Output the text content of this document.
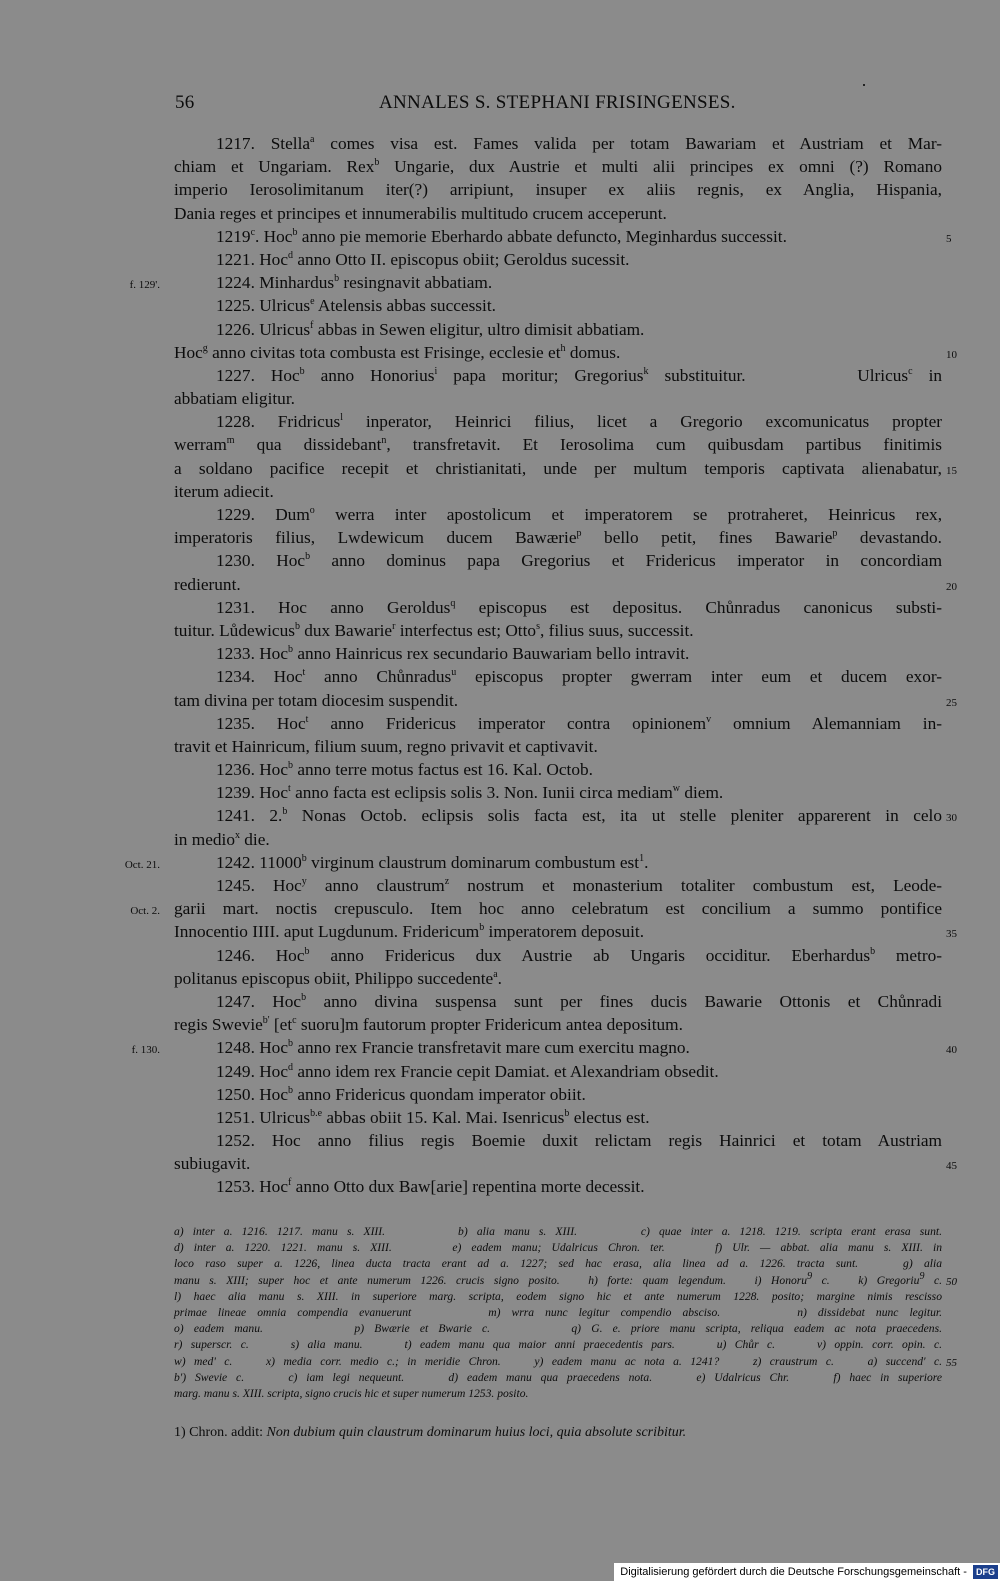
56	ANNALES S. STEPHANI FRISINGENSES.
1217. Stella$^a$ comes visa est. Fames valida per totam Bawariam et Austriam et Mar-
chiam et Ungariam. Rex$^b$ Ungarie, dux Austrie et multi alii principes ex omni (?) Romano
imperio Ierosolimitanum iter(?) arripiunt, insuper ex aliis regnis, ex Anglia, Hispania,
Dania reges et principes et innumerabilis multitudo crucem acceperunt.
1219$^c$. Hoc$^b$ anno pie memorie Eberhardo abbate defuncto, Meginhardus successit.	5
1221. Hoc$^d$ anno Otto II. episcopus obiit; Geroldus sucessit.
1224. Minhardus$^b$ resingnavit abbatiam.
f. 129'.
1225. Ulricus$^e$ Atelensis abbas successit.
1226. Ulricus$^f$ abbas in Sewen eligitur, ultro dimisit abbatiam.
Hoc$^g$ anno civitas tota combusta est Frisinge, ecclesie $et^h$ domus.	10
1227. Hoc$^b$ anno Honorius$^i$ papa moritur; Gregorius$^k$ substituitur.       Ulricus$^c$ in
abbatiam eligitur.
1228. Fridricus$^l$ inperator, Heinrici filius, licet a Gregorio excomunicatus propter
werram$^m$ qua dissidebant$^n$, transfretavit. Et Ierosolima cum quibusdam partibus finitimis
a soldano pacifice recepit et christianitati, unde per multum temporis captivata alienabatur, 15
iterum adiecit.
1229. Dum$^o$ werra inter apostolicum et imperatorem se protraheret, Heinricus rex,
imperatoris filius, Lwdewicum ducem Bawærie$^p$ bello petit, fines Bawarie$^p$ devastando.
1230. Hoc$^b$ anno dominus papa Gregorius et Fridericus imperator in concordiam
redierunt.	20
1231. Hoc anno Geroldus$^q$ episcopus est depositus. Chůnradus canonicus substi-
tuitur. Lůdewicus$^b$ dux Bawarie$^r$ interfectus est; Otto$^s$, filius suus, successit.
1233. Hoc$^b$ anno Hainricus rex secundario Bauwariam bello intravit.
1234. Hoc$^t$ anno Chůnradus$^u$ episcopus propter gwerram inter eum et ducem exor-
tam divina per totam diocesim suspendit.	25
1235. Hoc$^t$ anno Fridericus imperator contra opinionem$^v$ omnium Alemanniam in-
travit et Hainricum, filium suum, regno privavit et captivavit.
1236. Hoc$^b$ anno terre motus factus est 16. Kal. Octob.
1239. Hoc$^t$ anno facta est eclipsis solis 3. Non. Iunii circa mediam$^w$ diem.
1241. 2.$^b$ Nonas Octob. eclipsis solis facta est, ita ut stelle pleniter apparerent in celo 30
in medio$^x$ die.
1242. 11000$^b$ virginum claustrum dominarum combustum est$^1$.
Oct. 21.
1245. Hoc$^y$ anno claustrum$^z$ nostrum et monasterium totaliter combustum est, Leode-
garii mart. noctis crepusculo. Item hoc anno celebratum est concilium a summo pontifice
Oct. 2.
Innocentio IIII. aput Lugdunum. Fridericum$^b$ imperatorem deposuit.	35
1246. Hoc$^b$ anno Fridericus dux Austrie ab Ungaris occiditur. Eberhardus$^b$ metro-
politanus episcopus obiit, Philippo succedente$^a$.
1247. Hoc$^b$ anno divina suspensa sunt per fines ducis Bawarie Ottonis et Chůnradi
regis Swevie$^{b'}$ [$et^c$ suoru]m fautorum propter Fridericum antea depositum.
1248. Hoc$^b$ anno rex Francie transfretavit mare cum exercitu magno.	40
f. 130.
1249. Hoc$^d$ anno idem rex Francie cepit Damiat. et Alexandriam obsedit.
1250. Hoc$^b$ anno Fridericus quondam imperator obiit.
1251. Ulricus$^{b.e}$ abbas obiit 15. Kal. Mai. Isenricus$^b$ electus est.
1252. Hoc anno filius regis Boemie duxit relictam regis Hainrici et totam Austriam
subiugavit.	45
1253. Hoc$^f$ anno Otto dux Baw[arie] repentina morte decessit.
a) inter a. 1216. 1217. manu s. XIII.        b) alia manu s. XIII.       c) quae inter a. 1218. 1219. scripta erant erasa sunt.
d) inter a. 1220. 1221. manu s. XIII.      e) eadem manu; Udalricus Chron. ter.     f) Ulr. — abbat. alia manu s. XIII. in
loco raso super a. 1226, linea ducta tracta erant ad a. 1227; sed hac erasa, alia linea ad a. 1226. tracta sunt.    g) alia
manu s. XIII; super hoc et ante numerum 1226. crucis signo posito.   h) forte: quam legendum.   i) Honoru$^9$ c.   k) Gregoriu$^9$ c. 50
l) haec alia manu s. XIII. in superiore marg. scripta, eodem signo hic et ante numerum 1228. posito; margine nimis rescisso
primae lineae omnia compendia evanuerunt       m) wrra nunc legitur compendio absciso.       n) dissidebat nunc legitur.
o) eadem manu.         p) Bwærie et Bwarie c.        q) G. e. priore manu scripta, reliqua eadem ac nota praecedens.
r) superscr. c.     s) alia manu.     t) eadem manu qua maior anni praecedentis pars.     u) Chůr c.     v) oppin. corr. opin. c.
w) med' c.    x) media corr. medio c.; in meridie Chron.    y) eadem manu ac nota a. 1241?    z) craustrum c.    a) succend' c. 55
b') Swevie c.     c) iam legi nequeunt.     d) eadem manu qua praecedens nota.     e) Udalricus Chr.     f) haec in superiore
marg. manu s. XIII. scripta, signo crucis hic et super numerum 1253. posito.
1) Chron. addit: Non dubium quin claustrum dominarum huius loci, quia absolute scribitur.
Digitalisierung gefördert durch die Deutsche Forschungsgemeinschaft - DFG
